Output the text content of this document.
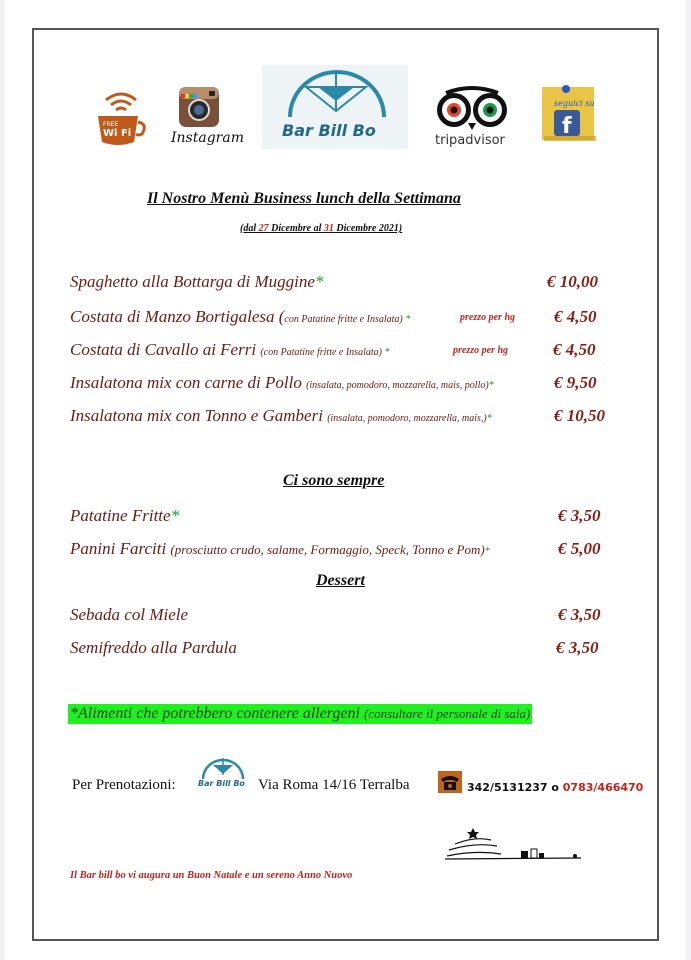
FREE
Wi Fi	Instagram Bar Bill Bo
tripadvisor
seguici su
f
Il Nostro Menù Business lunch della Settimana
(dal 27 Dicembre al 31 Dicembre 2021)
Spaghetto alla Bottarga di Muggine*	€ 10,00
Costata di Manzo Bortigalesa (con Patatine fritte e Insalata) *	prezzo per hg € 4,50
Costata di Cavallo ai Ferri (con Patatine fritte e Insalata) *	prezzo per hg	€ 4,50
Insalatona mix con carne di Pollo (insalata, pomodoro, mozzarella, mais, pollo)*	€ 9,50
Insalatona mix con Tonno e Gamberi (insalata, pomodoro, mozzarella, mais,)*	€ 10,50
Ci sono sempre
Patatine Fritte*	€ 3,50
Panini Farciti (prosciutto crudo, salame, Formaggio, Speck, Tonno e Pom)*	€ 5,00
Dessert
Sebada col Miele	€ 3,50
Semifreddo alla Pardula	€ 3,50
*Alimenti che potrebbero contenere allergeni (consultare il personale di sala)
Per Prenotazioni:	Bar Bill Bo Via Roma 14/16 Terralba	342/5131237 o 0783/466470
Il Bar bill bo vi augura un Buon Natale e un sereno Anno Nuovo
